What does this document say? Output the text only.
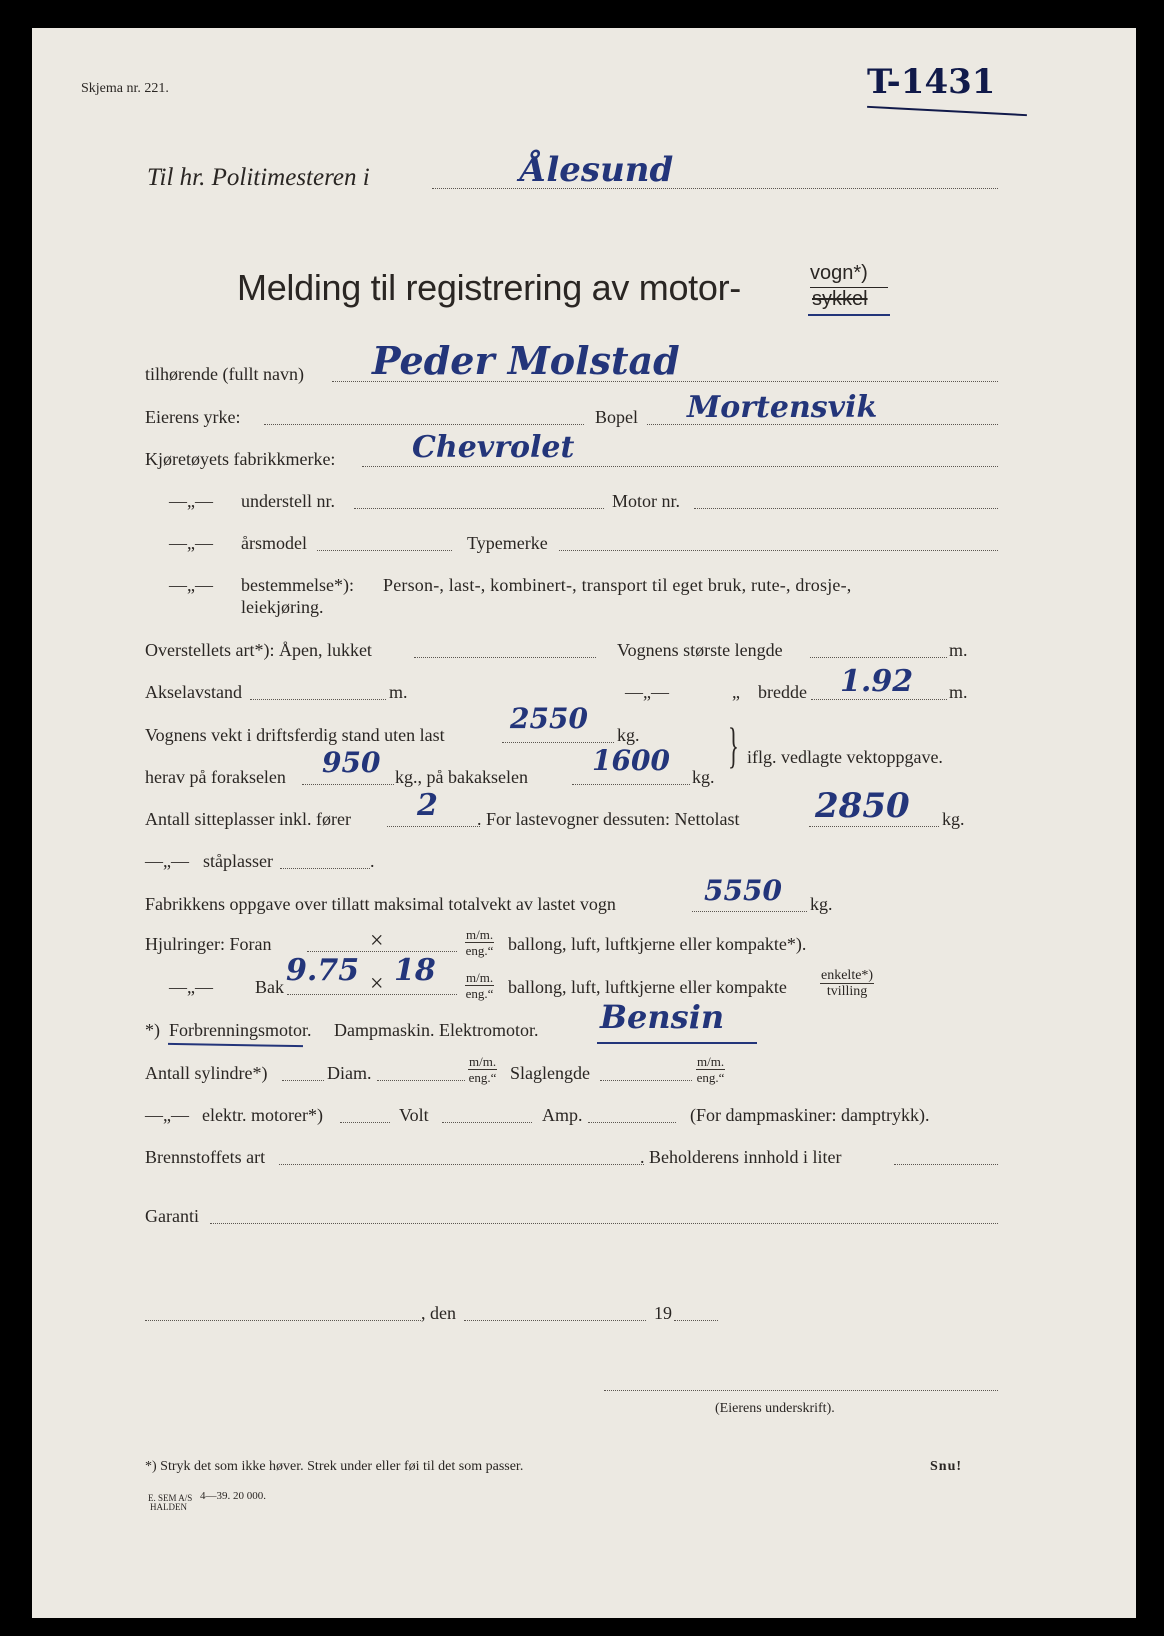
Skjema nr. 221.	T-1431
Til hr. Politimesteren i	Ålesund
Melding til registrering av motor-	vogn*)
sykkel
tilhørende (fullt navn) Peder Molstad
Eierens yrke:	Bopel Mortensvik
Kjøretøyets fabrikkmerke:	Chevrolet
—„— understell nr.	Motor nr.
—„— årsmodel	Typemerke
—„— bestemmelse*): Person-, last-, kombinert-, transport til eget bruk, rute-, drosje-,
leiekjøring.
Overstellets art*): Åpen, lukket	Vognens største lengde	m.
Akselavstand	m.	—„—	„ bredde 1.92 m.
Vognens vekt i driftsferdig stand uten last 2550 kg.
herav på forakselen 950 kg., på bakakselen 1600 kg.
} iflg. vedlagte vektoppgave.
Antall sitteplasser inkl. fører 2 . For lastevogner dessuten: Nettolast 2850 kg.
—„— ståplasser	.
Fabrikkens oppgave over tillatt maksimal totalvekt av lastet vogn	5550 kg.
Hjulringer: Foran	×	m/m.
eng.“ ballong, luft, luftkjerne eller kompakte*).
—„— Bak 9.75 × 18 m/m.
eng.“ ballong, luft, luftkjerne eller kompakte
enkelte*)
tvilling
*) Forbrenningsmotor. Dampmaskin. Elektromotor. Bensin
Antall sylindre*)	Diam.
m/m.
eng.“ Slaglengde
m/m.
eng.“
—„— elektr. motorer*)	Volt	Amp.	(For dampmaskiner: damptrykk).
Brennstoffets art	. Beholderens innhold i liter
Garanti
, den	19
(Eierens underskrift).
*) Stryk det som ikke høver. Strek under eller føi til det som passer.	Snu!
E. SEM A/S
HALDEN
4—39. 20 000.
